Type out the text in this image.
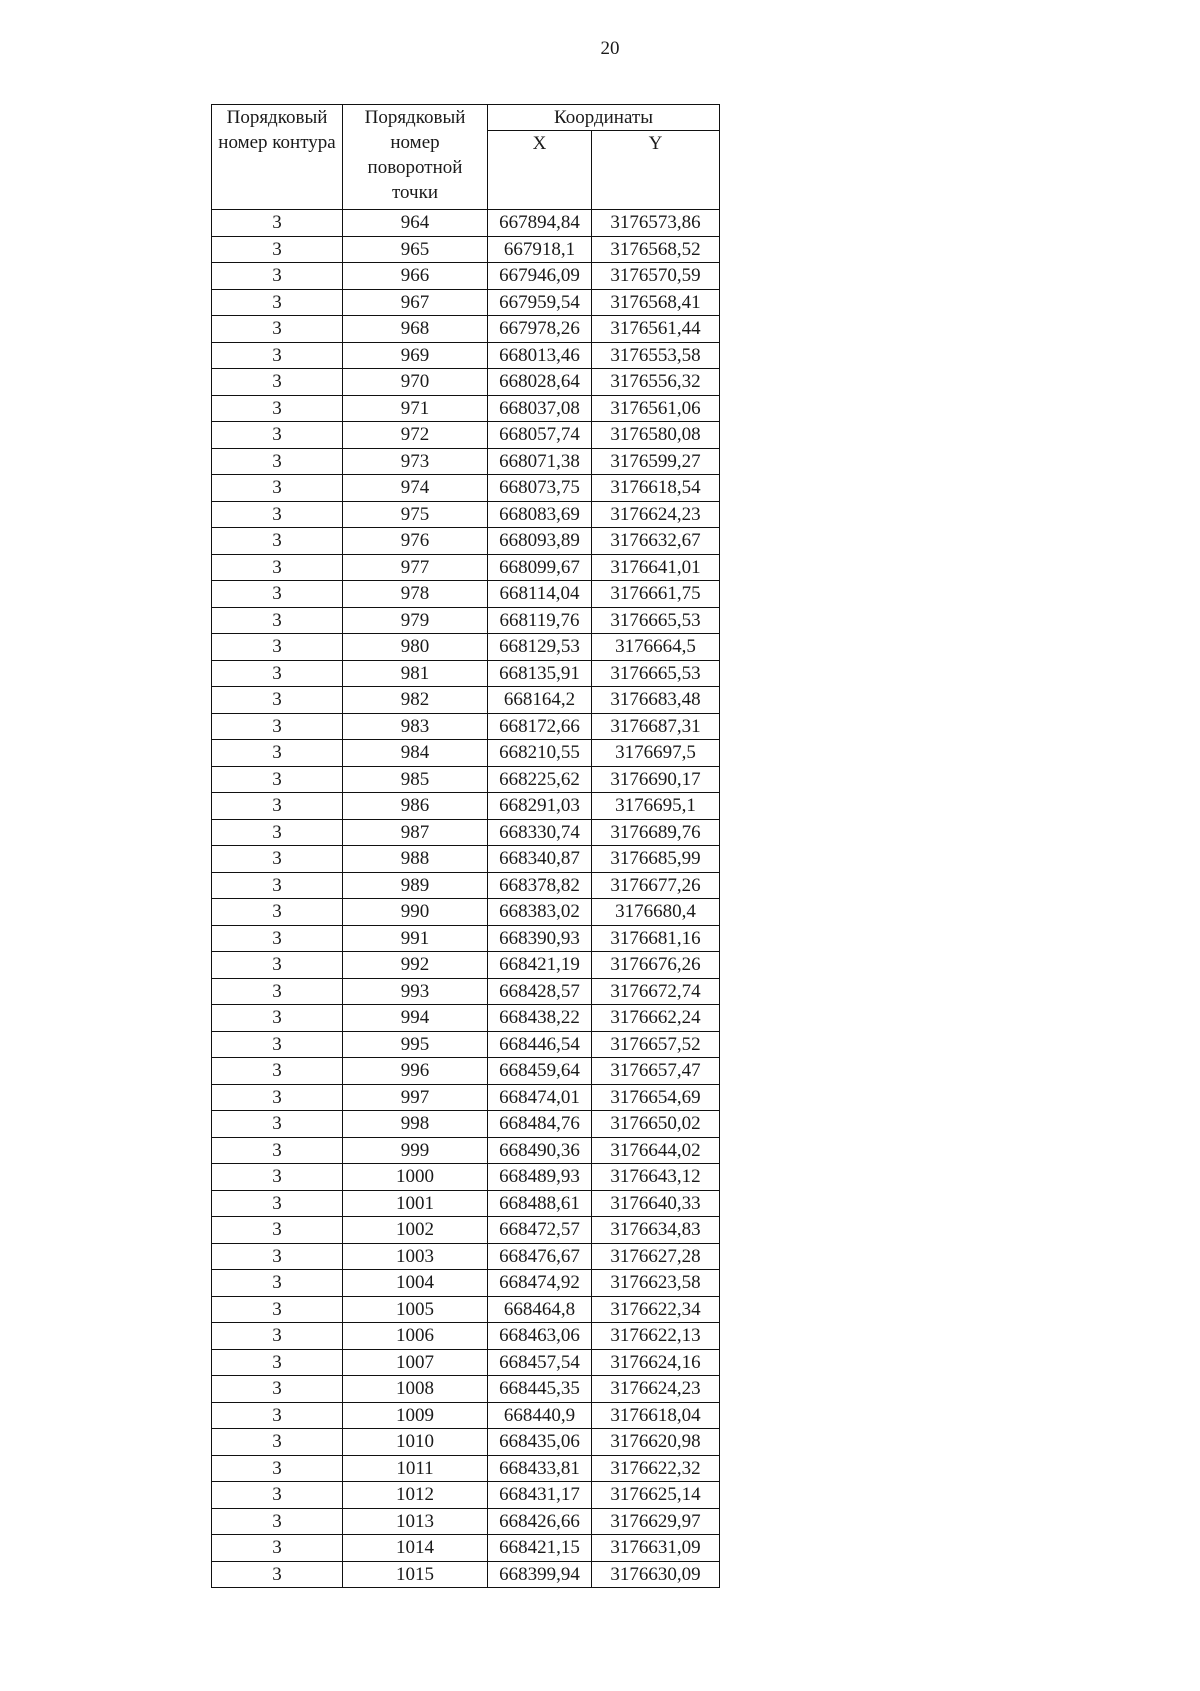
20
Порядковый номер контура	Порядковый номер поворотной точки	Координаты	
		X	Y
3	964	667894,84	3176573,86
3	965	667918,1	3176568,52
3	966	667946,09	3176570,59
3	967	667959,54	3176568,41
3	968	667978,26	3176561,44
3	969	668013,46	3176553,58
3	970	668028,64	3176556,32
3	971	668037,08	3176561,06
3	972	668057,74	3176580,08
3	973	668071,38	3176599,27
3	974	668073,75	3176618,54
3	975	668083,69	3176624,23
3	976	668093,89	3176632,67
3	977	668099,67	3176641,01
3	978	668114,04	3176661,75
3	979	668119,76	3176665,53
3	980	668129,53	3176664,5
3	981	668135,91	3176665,53
3	982	668164,2	3176683,48
3	983	668172,66	3176687,31
3	984	668210,55	3176697,5
3	985	668225,62	3176690,17
3	986	668291,03	3176695,1
3	987	668330,74	3176689,76
3	988	668340,87	3176685,99
3	989	668378,82	3176677,26
3	990	668383,02	3176680,4
3	991	668390,93	3176681,16
3	992	668421,19	3176676,26
3	993	668428,57	3176672,74
3	994	668438,22	3176662,24
3	995	668446,54	3176657,52
3	996	668459,64	3176657,47
3	997	668474,01	3176654,69
3	998	668484,76	3176650,02
3	999	668490,36	3176644,02
3	1000	668489,93	3176643,12
3	1001	668488,61	3176640,33
3	1002	668472,57	3176634,83
3	1003	668476,67	3176627,28
3	1004	668474,92	3176623,58
3	1005	668464,8	3176622,34
3	1006	668463,06	3176622,13
3	1007	668457,54	3176624,16
3	1008	668445,35	3176624,23
3	1009	668440,9	3176618,04
3	1010	668435,06	3176620,98
3	1011	668433,81	3176622,32
3	1012	668431,17	3176625,14
3	1013	668426,66	3176629,97
3	1014	668421,15	3176631,09
3	1015	668399,94	3176630,09
